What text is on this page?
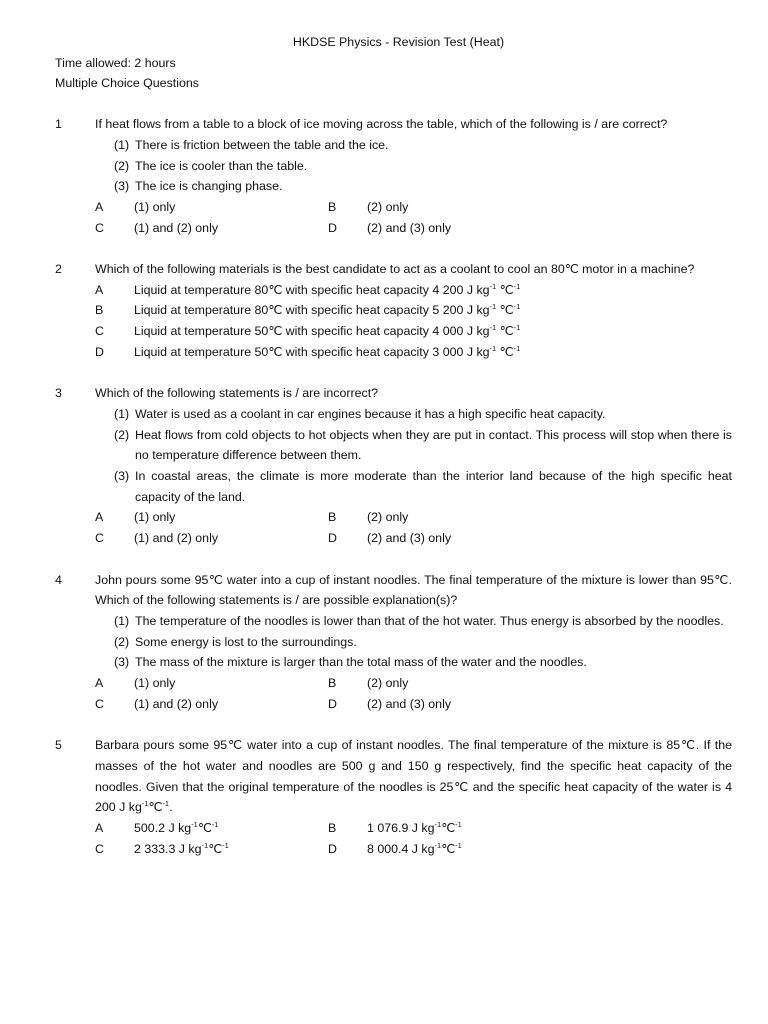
HKDSE Physics - Revision Test (Heat)

Time allowed: 2 hours

Multiple Choice Questions

1	If heat flows from a table to a block of ice moving across the table, which of the following is / are correct?
(1) There is friction between the table and the ice.
(2) The ice is cooler than the table.
(3) The ice is changing phase.
A	(1) only	B	(2) only
C	(1) and (2) only	D	(2) and (3) only
2	Which of the following materials is the best candidate to act as a coolant to cool an 80℃ motor in a machine?
A	Liquid at temperature 80℃ with specific heat capacity 4 200 J $kg^{-1}$ ℃$^{-1}$
B	Liquid at temperature 80℃ with specific heat capacity 5 200 J $kg^{-1}$ ℃$^{-1}$
C	Liquid at temperature 50℃ with specific heat capacity 4 000 J $kg^{-1}$ ℃$^{-1}$
D	Liquid at temperature 50℃ with specific heat capacity 3 000 J $kg^{-1}$ ℃$^{-1}$
3	Which of the following statements is / are incorrect?
(1) Water is used as a coolant in car engines because it has a high specific heat capacity.
(2) Heat flows from cold objects to hot objects when they are put in contact. This process will stop when there is no temperature difference between them.
(3) In coastal areas, the climate is more moderate than the interior land because of the high specific heat capacity of the land.
A	(1) only	B	(2) only
C	(1) and (2) only	D	(2) and (3) only
4	John pours some 95℃ water into a cup of instant noodles. The final temperature of the mixture is lower than 95℃. Which of the following statements is / are possible explanation(s)?
(1) The temperature of the noodles is lower than that of the hot water. Thus energy is absorbed by the noodles.
(2) Some energy is lost to the surroundings.
(3) The mass of the mixture is larger than the total mass of the water and the noodles.
A	(1) only	B	(2) only
C	(1) and (2) only	D	(2) and (3) only
5	Barbara pours some 95℃ water into a cup of instant noodles. The final temperature of the mixture is 85℃. If the masses of the hot water and noodles are 500 g and 150 g respectively, find the specific heat capacity of the noodles. Given that the original temperature of the noodles is 25℃ and the specific heat capacity of the water is 4 200 J $kg^{-1}℃^{-1}$.
A	500.2 J $kg^{-1}℃^{-1}$	B	1 076.9 J $kg^{-1}℃^{-1}$
C	2 333.3 J $kg^{-1}℃^{-1}$	D	8 000.4 J $kg^{-1}℃^{-1}$
